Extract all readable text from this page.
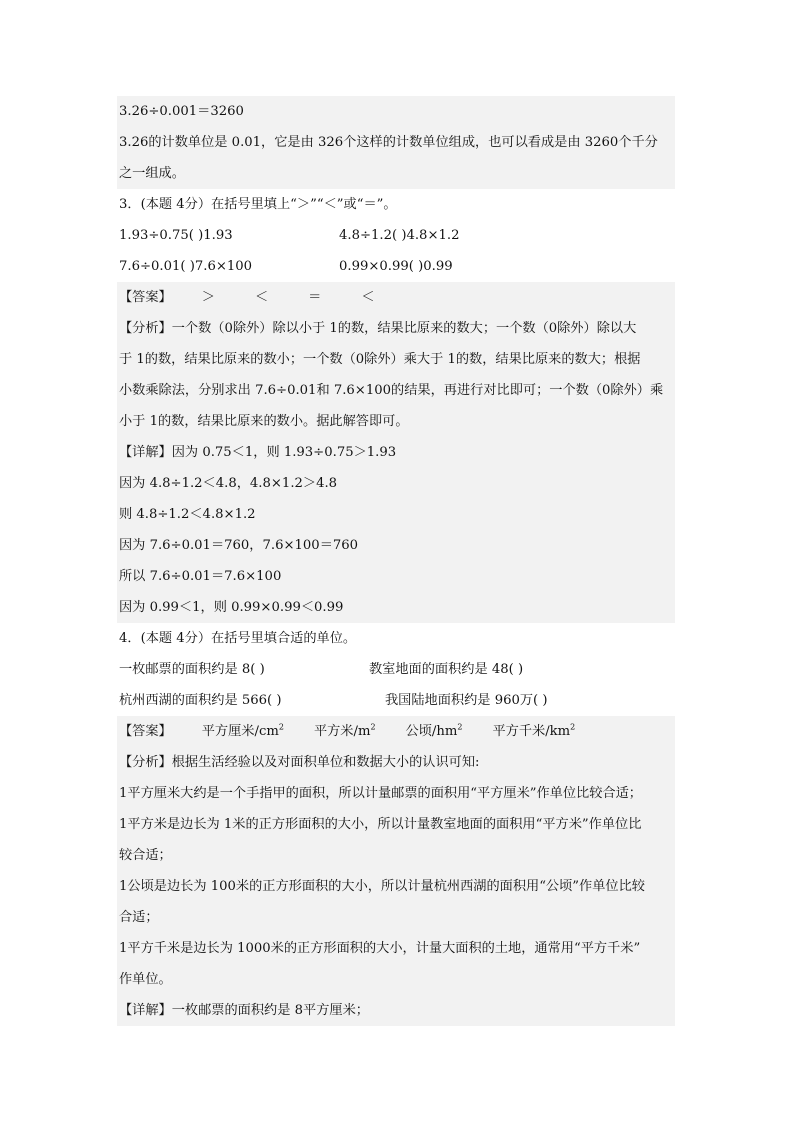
3.26÷0.001＝3260
3.26的计数单位是 0.01，它是由 326个这样的计数单位组成，也可以看成是由 3260个千分
之一组成。
3．(本题 4分）在括号里填上“＞”“＜”或“＝”。
1.93÷0.75( )1.93	4.8÷1.2( )4.8×1.2
7.6÷0.01( )7.6×100	0.99×0.99( )0.99
【答案】 ＞	＜	＝	＜
【分析】一个数（0除外）除以小于 1的数，结果比原来的数大；一个数（0除外）除以大
于 1的数，结果比原来的数小；一个数（0除外）乘大于 1的数，结果比原来的数大；根据
小数乘除法，分别求出 7.6÷0.01和 7.6×100的结果，再进行对比即可；一个数（0除外）乘
小于 1的数，结果比原来的数小。据此解答即可。
【详解】因为 0.75＜1，则 1.93÷0.75＞1.93
因为 4.8÷1.2＜4.8，4.8×1.2＞4.8
则 4.8÷1.2＜4.8×1.2
因为 7.6÷0.01＝760，7.6×100＝760
所以 7.6÷0.01＝7.6×100
因为 0.99＜1，则 0.99×0.99＜0.99
4．(本题 4分）在括号里填合适的单位。
一枚邮票的面积约是 8( )	教室地面的面积约是 48( )
杭州西湖的面积约是 566( )	我国陆地面积约是 960万( )
【答案】 平方厘米$/cm^2$ 平方米$/m^2$ 公顷$/hm^2$ 平方千米$/km^2$
【分析】根据生活经验以及对面积单位和数据大小的认识可知:
1平方厘米大约是一个手指甲的面积，所以计量邮票的面积用“平方厘米”作单位比较合适；
1平方米是边长为 1米的正方形面积的大小，所以计量教室地面的面积用“平方米”作单位比
较合适；
1公顷是边长为 100米的正方形面积的大小，所以计量杭州西湖的面积用“公顷”作单位比较
合适；
1平方千米是边长为 1000米的正方形面积的大小，计量大面积的土地，通常用“平方千米”
作单位。
【详解】一枚邮票的面积约是 8平方厘米；
